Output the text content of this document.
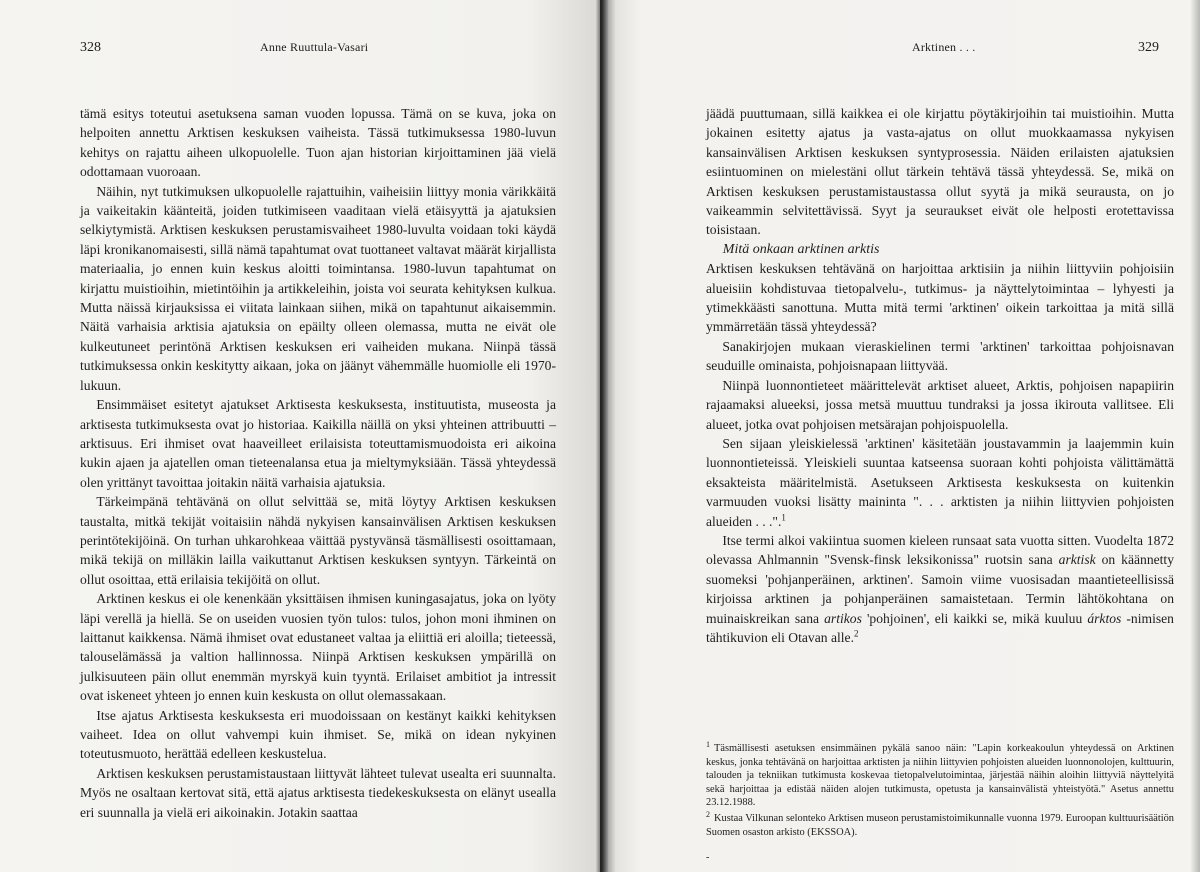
328	Anne Ruuttula-Vasari

tämä esitys toteutui asetuksena saman vuoden lopussa. Tämä on se kuva, joka on helpoiten annettu Arktisen keskuksen vaiheista. Tässä tutkimuksessa 1980-luvun kehitys on rajattu aiheen ulkopuolelle. Tuon ajan historian kirjoittaminen jää vielä odottamaan vuoroaan.

Näihin, nyt tutkimuksen ulkopuolelle rajattuihin, vaiheisiin liittyy monia värikkäitä ja vaikeitakin käänteitä, joiden tutkimiseen vaaditaan vielä etäisyyttä ja ajatuksien selkiytymistä. Arktisen keskuksen perustamisvaiheet 1980-luvulta voidaan toki käydä läpi kronikanomaisesti, sillä nämä tapahtumat ovat tuottaneet valtavat määrät kirjallista materiaalia, jo ennen kuin keskus aloitti toimintansa. 1980-luvun tapahtumat on kirjattu muistioihin, mietintöihin ja artikkeleihin, joista voi seurata kehityksen kulkua. Mutta näissä kirjauksissa ei viitata lainkaan siihen, mikä on tapahtunut aikaisemmin. Näitä varhaisia arktisia ajatuksia on epäilty olleen olemassa, mutta ne eivät ole kulkeutuneet perintönä Arktisen keskuksen eri vaiheiden mukana. Niinpä tässä tutkimuksessa onkin keskitytty aikaan, joka on jäänyt vähemmälle huomiolle eli 1970-lukuun.

Ensimmäiset esitetyt ajatukset Arktisesta keskuksesta, instituutista, museosta ja arktisesta tutkimuksesta ovat jo historiaa. Kaikilla näillä on yksi yhteinen attribuutti – arktisuus. Eri ihmiset ovat haaveilleet erilaisista toteuttamismuodoista eri aikoina kukin ajaen ja ajatellen oman tieteenalansa etua ja mieltymyksiään. Tässä yhteydessä olen yrittänyt tavoittaa joitakin näitä varhaisia ajatuksia.

Tärkeimpänä tehtävänä on ollut selvittää se, mitä löytyy Arktisen keskuksen taustalta, mitkä tekijät voitaisiin nähdä nykyisen kansainvälisen Arktisen keskuksen perintötekijöinä. On turhan uhkarohkeaa väittää pystyvänsä täsmällisesti osoittamaan, mikä tekijä on milläkin lailla vaikuttanut Arktisen keskuksen syntyyn. Tärkeintä on ollut osoittaa, että erilaisia tekijöitä on ollut.

Arktinen keskus ei ole kenenkään yksittäisen ihmisen kuningasajatus, joka on lyöty läpi verellä ja hiellä. Se on useiden vuosien työn tulos: tulos, johon moni ihminen on laittanut kaikkensa. Nämä ihmiset ovat edustaneet valtaa ja eliittiä eri aloilla; tieteessä, talouselämässä ja valtion hallinnossa. Niinpä Arktisen keskuksen ympärillä on julkisuuteen päin ollut enemmän myrskyä kuin tyyntä. Erilaiset ambitiot ja intressit ovat iskeneet yhteen jo ennen kuin keskusta on ollut olemassakaan.

Itse ajatus Arktisesta keskuksesta eri muodoissaan on kestänyt kaikki kehityksen vaiheet. Idea on ollut vahvempi kuin ihmiset. Se, mikä on idean nykyinen toteutusmuoto, herättää edelleen keskustelua.

Arktisen keskuksen perustamistaustaan liittyvät lähteet tulevat usealta eri suunnalta. Myös ne osaltaan kertovat sitä, että ajatus arktisesta tiedekeskuksesta on elänyt usealla eri suunnalla ja vielä eri aikoinakin. Jotakin saattaa

Arktinen . . .	329

jäädä puuttumaan, sillä kaikkea ei ole kirjattu pöytäkirjoihin tai muistioihin. Mutta jokainen esitetty ajatus ja vasta-ajatus on ollut muokkaamassa nykyisen kansainvälisen Arktisen keskuksen syntyprosessia. Näiden erilaisten ajatuksien esiintuominen on mielestäni ollut tärkein tehtävä tässä yhteydessä. Se, mikä on Arktisen keskuksen perustamistaustassa ollut syytä ja mikä seurausta, on jo vaikeammin selvitettävissä. Syyt ja seuraukset eivät ole helposti erotettavissa toisistaan.

Mitä onkaan arktinen arktis

Arktisen keskuksen tehtävänä on harjoittaa arktisiin ja niihin liittyviin pohjoisiin alueisiin kohdistuvaa tietopalvelu-, tutkimus- ja näyttelytoimintaa – lyhyesti ja ytimekkäästi sanottuna. Mutta mitä termi 'arktinen' oikein tarkoittaa ja mitä sillä ymmärretään tässä yhteydessä?

Sanakirjojen mukaan vieraskielinen termi 'arktinen' tarkoittaa pohjoisnavan seuduille ominaista, pohjoisnapaan liittyvää.

Niinpä luonnontieteet määrittelevät arktiset alueet, Arktis, pohjoisen napapiirin rajaamaksi alueeksi, jossa metsä muuttuu tundraksi ja jossa ikirouta vallitsee. Eli alueet, jotka ovat pohjoisen metsärajan pohjoispuolella.

Sen sijaan yleiskielessä 'arktinen' käsitetään joustavammin ja laajemmin kuin luonnontieteissä. Yleiskieli suuntaa katseensa suoraan kohti pohjoista välittämättä eksakteista määritelmistä. Asetukseen Arktisesta keskuksesta on kuitenkin varmuuden vuoksi lisätty maininta ". . . arktisten ja niihin liittyvien pohjoisten alueiden . . .".$^1$

Itse termi alkoi vakiintua suomen kieleen runsaat sata vuotta sitten. Vuodelta 1872 olevassa Ahlmannin "Svensk-finsk leksikonissa" ruotsin sana arktisk on käännetty suomeksi 'pohjanperäinen, arktinen'. Samoin viime vuosisadan maantieteellisissä kirjoissa arktinen ja pohjanperäinen samaistetaan. Termin lähtökohtana on muinaiskreikan sana artikos 'pohjoinen', eli kaikki se, mikä kuuluu árktos -nimisen tähtikuvion eli Otavan alle.$^2$

$^1$ Täsmällisesti asetuksen ensimmäinen pykälä sanoo näin: "Lapin korkeakoulun yhteydessä on Arktinen keskus, jonka tehtävänä on harjoittaa arktisten ja niihin liittyvien pohjoisten alueiden luonnonolojen, kulttuurin, talouden ja tekniikan tutkimusta koskevaa tietopalvelutoimintaa, järjestää näihin aloihin liittyviä näyttelyitä sekä harjoittaa ja edistää näiden alojen tutkimusta, opetusta ja kansainvälistä yhteistyötä." Asetus annettu 23.12.1988.

$^2$ Kustaa Vilkunan selonteko Arktisen museon perustamistoimikunnalle vuonna 1979. Euroopan kulttuurisäätiön Suomen osaston arkisto (EKSSOA).

-
